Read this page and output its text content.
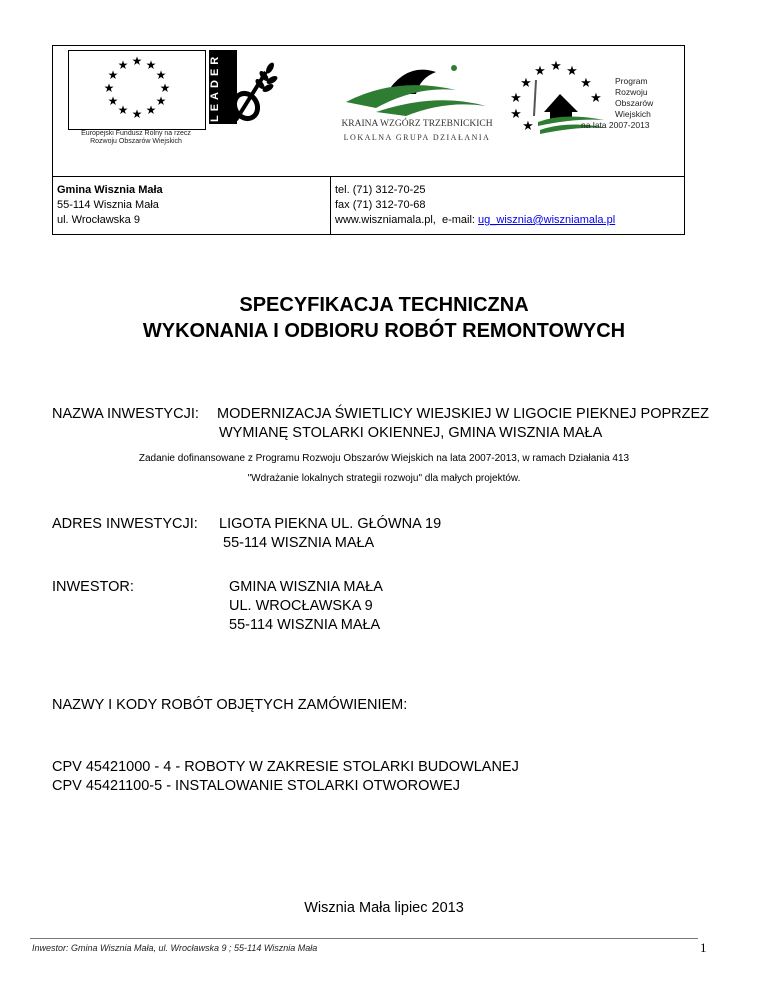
★ ★
★
★
★
★
★
★
★
★
★
★
Europejski Fundusz Rolny na rzecz
Rozwoju Obszarów Wiejskich
LEADER
KRAINA WZGÓRZ TRZEBNICKICH
LOKALNA GRUPA DZIAŁANIA
★
★ ★
★	★
★	★
★
★
Program
Rozwoju
Obszarów
Wiejskich
na lata 2007-2013
Gmina Wisznia Mała
55-114 Wisznia Mała
ul. Wrocławska 9
tel. (71) 312-70-25
fax (71) 312-70-68
www.wiszniamala.pl,  e-mail: ug_wisznia@wiszniamala.pl
SPECYFIKACJA TECHNICZNA
WYKONANIA I ODBIORU ROBÓT REMONTOWYCH
NAZWA INWESTYCJI: MODERNIZACJA ŚWIETLICY WIEJSKIEJ W LIGOCIE PIEKNEJ POPRZEZ
WYMIANĘ STOLARKI OKIENNEJ, GMINA WISZNIA MAŁA
Zadanie dofinansowane z Programu Rozwoju Obszarów Wiejskich na lata 2007-2013, w ramach Działania 413
"Wdrażanie lokalnych strategii rozwoju" dla małych projektów.
ADRES INWESTYCJI: LIGOTA PIEKNA UL. GŁÓWNA 19
55-114 WISZNIA MAŁA
INWESTOR:	GMINA WISZNIA MAŁA
UL. WROCŁAWSKA 9
55-114 WISZNIA MAŁA
NAZWY I KODY ROBÓT OBJĘTYCH ZAMÓWIENIEM:
CPV 45421000 - 4 - ROBOTY W ZAKRESIE STOLARKI BUDOWLANEJ
CPV 45421100-5 - INSTALOWANIE STOLARKI OTWOROWEJ
Wisznia Mała lipiec 2013
Inwestor: Gmina Wisznia Mała, ul. Wrocławska 9 ; 55-114 Wisznia Mała	1
